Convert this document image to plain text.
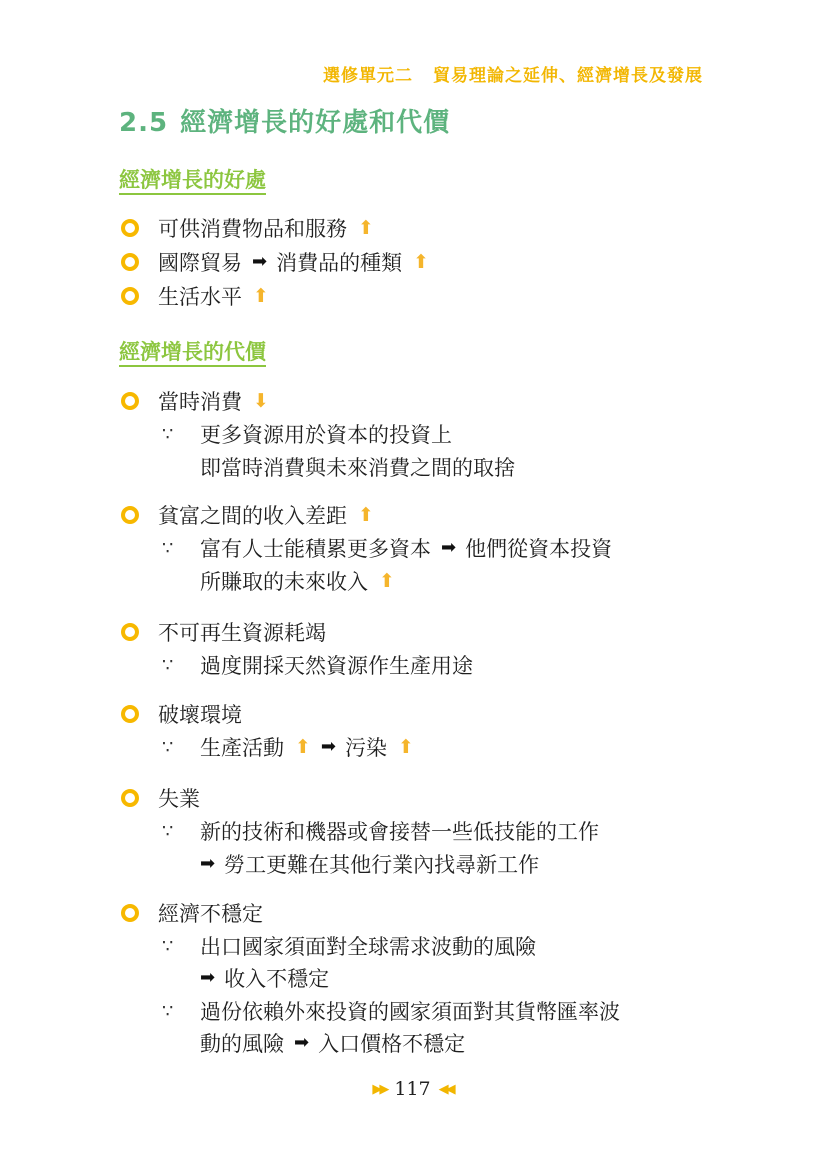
選修單元二 貿易理論之延伸、經濟增長及發展
2.5 經濟增長的好處和代價
經濟增長的好處
可供消費物品和服務 ⬆
國際貿易 ➡ 消費品的種類 ⬆
生活水平 ⬆
經濟增長的代價
當時消費 ⬇
∵	更多資源用於資本的投資上
即當時消費與未來消費之間的取捨
貧富之間的收入差距 ⬆
∵	富有人士能積累更多資本 ➡ 他們從資本投資
所賺取的未來收入 ⬆
不可再生資源耗竭
∵	過度開採天然資源作生產用途
破壞環境
∵	生產活動 ⬆ ➡ 污染 ⬆
失業
∵	新的技術和機器或會接替一些低技能的工作
➡ 勞工更難在其他行業內找尋新工作
經濟不穩定
∵	出口國家須面對全球需求波動的風險
➡ 收入不穩定
∵	過份依賴外來投資的國家須面對其貨幣匯率波
動的風險 ➡ 入口價格不穩定
▶▶ 117 ◀◀
